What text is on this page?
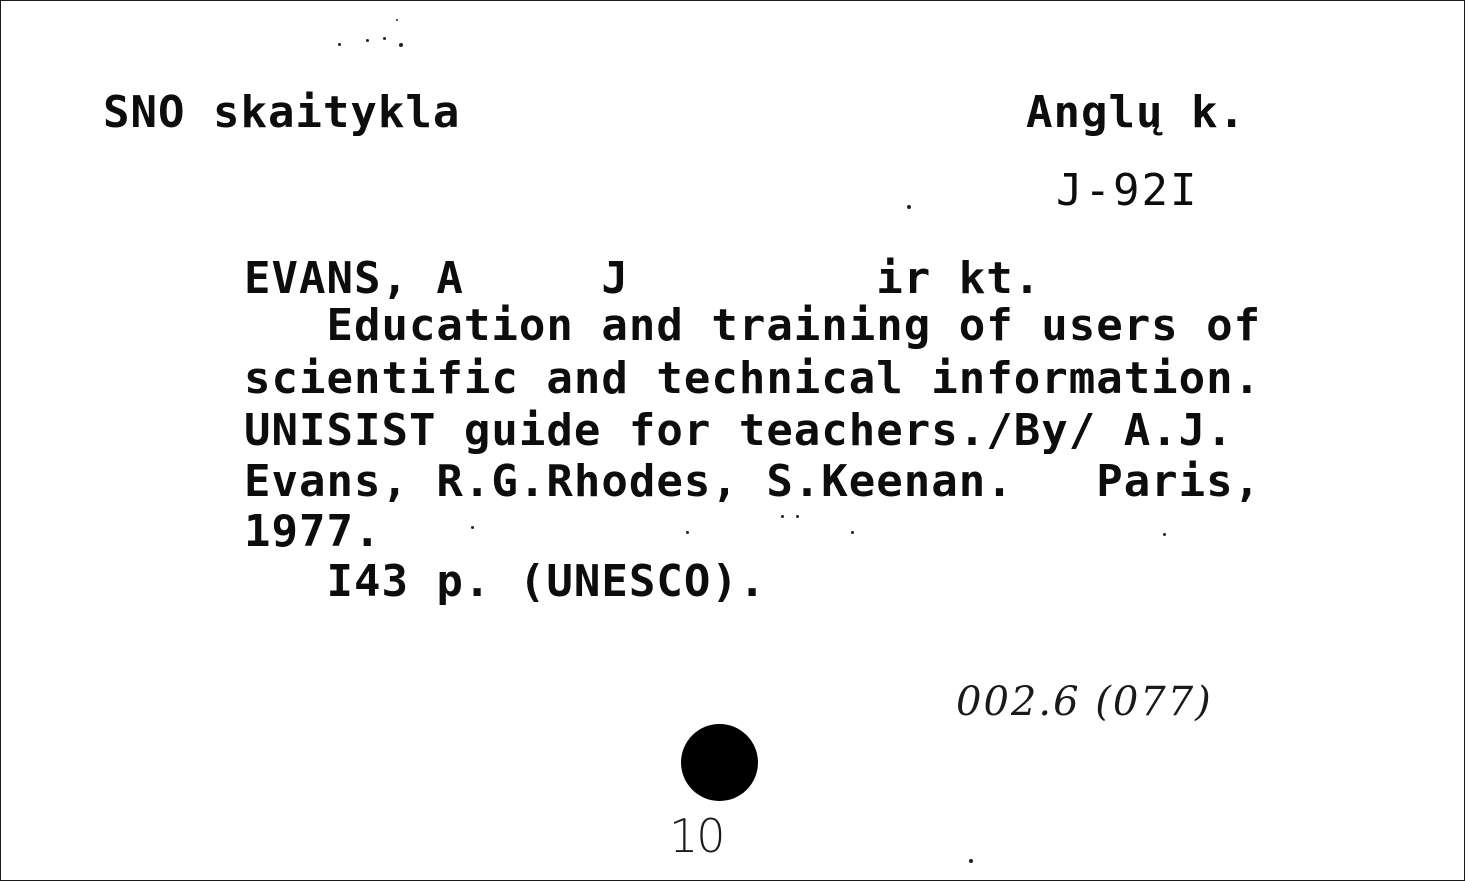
SNO skaitykla	Anglų k.
J-92I
EVANS, A     J         ir kt.
Education and training of users of
scientific and technical information.
UNISIST guide for teachers./By/ A.J.
Evans, R.G.Rhodes, S.Keenan.   Paris,
1977.
I43 p. (UNESCO).
002.6 (077)
10
